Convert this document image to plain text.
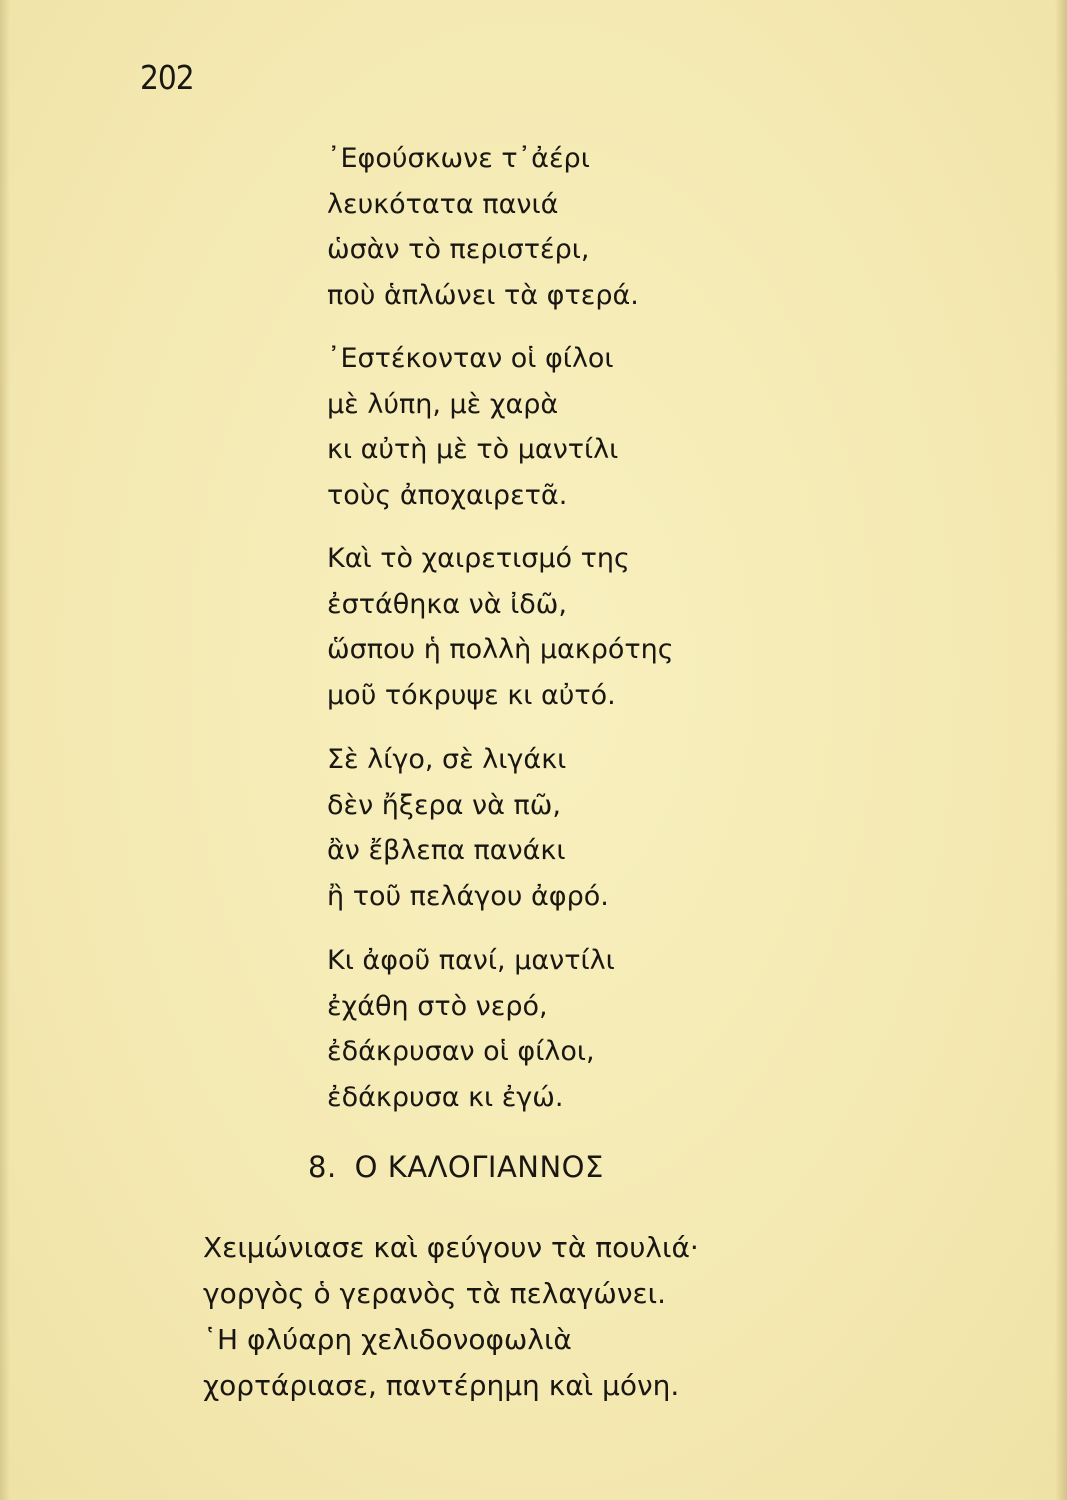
202
᾿Εφούσκωνε τ᾿ἀέρι
λευκότατα πανιά
ὡσὰν τὸ περιστέρι,
ποὺ ἁπλώνει τὰ φτερά.
᾿Εστέκονταν οἱ φίλοι
μὲ λύπη, μὲ χαρὰ
κι αὐτὴ μὲ τὸ μαντίλι
τοὺς ἀποχαιρετᾶ.
Καὶ τὸ χαιρετισμό της
ἐστάθηκα νὰ ἰδῶ,
ὥσπου ἡ πολλὴ μακρότης
μοῦ τόκρυψε κι αὐτό.
Σὲ λίγο, σὲ λιγάκι
δὲν ἤξερα νὰ πῶ,
ἂν ἔβλεπα πανάκι
ἢ τοῦ πελάγου ἀφρό.
Κι ἀφοῦ πανί, μαντίλι
ἐχάθη στὸ νερό,
ἐδάκρυσαν οἱ φίλοι,
ἐδάκρυσα κι ἐγώ.
8. Ο ΚΑΛΟΓΙΑΝΝΟΣ
Χειμώνιασε καὶ φεύγουν τὰ πουλιά·
γοργὸς ὁ γερανὸς τὰ πελαγώνει.
῾Η φλύαρη χελιδονοφωλιὰ
χορτάριασε, παντέρημη καὶ μόνη.
